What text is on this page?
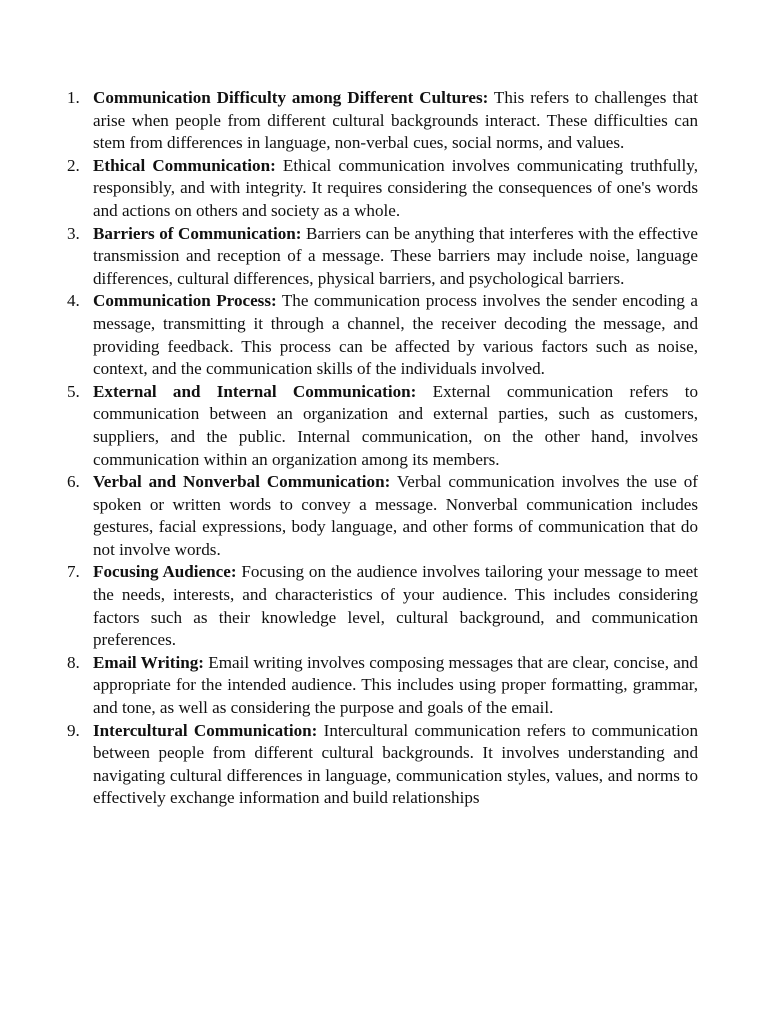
1. Communication Difficulty among Different Cultures: This refers to challenges that arise when people from different cultural backgrounds interact. These difficulties can stem from differences in language, non-verbal cues, social norms, and values.
2. Ethical Communication: Ethical communication involves communicating truthfully, responsibly, and with integrity. It requires considering the consequences of one's words and actions on others and society as a whole.
3. Barriers of Communication: Barriers can be anything that interferes with the effective transmission and reception of a message. These barriers may include noise, language differences, cultural differences, physical barriers, and psychological barriers.
4. Communication Process: The communication process involves the sender encoding a message, transmitting it through a channel, the receiver decoding the message, and providing feedback. This process can be affected by various factors such as noise, context, and the communication skills of the individuals involved.
5. External and Internal Communication: External communication refers to communication between an organization and external parties, such as customers, suppliers, and the public. Internal communication, on the other hand, involves communication within an organization among its members.
6. Verbal and Nonverbal Communication: Verbal communication involves the use of spoken or written words to convey a message. Nonverbal communication includes gestures, facial expressions, body language, and other forms of communication that do not involve words.
7. Focusing Audience: Focusing on the audience involves tailoring your message to meet the needs, interests, and characteristics of your audience. This includes considering factors such as their knowledge level, cultural background, and communication preferences.
8. Email Writing: Email writing involves composing messages that are clear, concise, and appropriate for the intended audience. This includes using proper formatting, grammar, and tone, as well as considering the purpose and goals of the email.
9. Intercultural Communication: Intercultural communication refers to communication between people from different cultural backgrounds. It involves understanding and navigating cultural differences in language, communication styles, values, and norms to effectively exchange information and build relationships
